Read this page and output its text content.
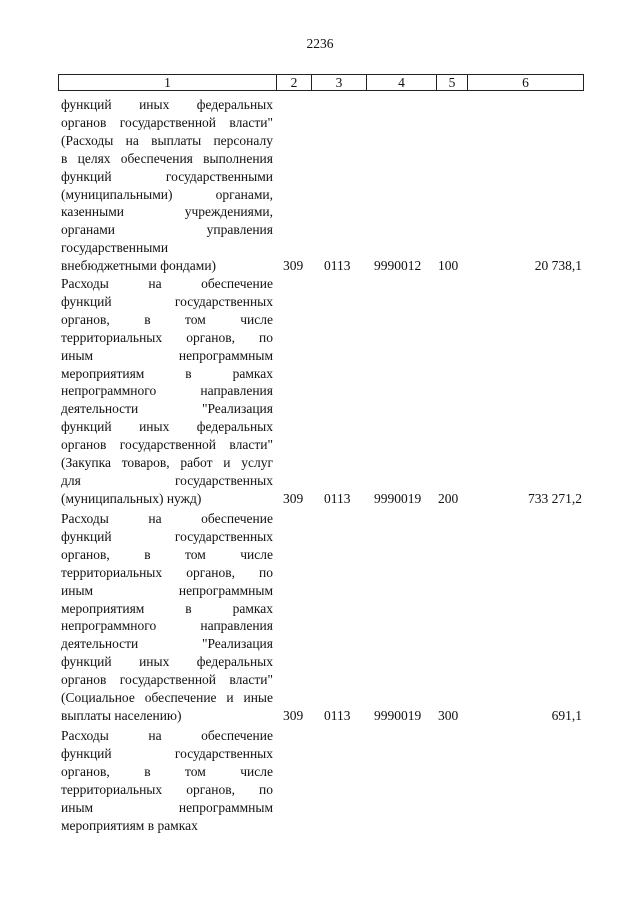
2236
1	2	3	4	5	6
функций иных федеральных
органов государственной власти"
(Расходы на выплаты персоналу
в целях обеспечения выполнения
функций государственными
(муниципальными) органами,
казенными учреждениями,
органами управления
государственными
внебюджетными фондами)	309 0113 9990012 100	20 738,1
Расходы на обеспечение
функций государственных
органов, в том числе
территориальных органов, по
иным непрограммным
мероприятиям в рамках
непрограммного направления
деятельности "Реализация
функций иных федеральных
органов государственной власти"
(Закупка товаров, работ и услуг
для государственных
(муниципальных) нужд)	309 0113 9990019 200	733 271,2
Расходы на обеспечение
функций государственных
органов, в том числе
территориальных органов, по
иным непрограммным
мероприятиям в рамках
непрограммного направления
деятельности "Реализация
функций иных федеральных
органов государственной власти"
(Социальное обеспечение и иные
выплаты населению)	309 0113 9990019 300	691,1
Расходы на обеспечение
функций государственных
органов, в том числе
территориальных органов, по
иным непрограммным
мероприятиям в рамках
